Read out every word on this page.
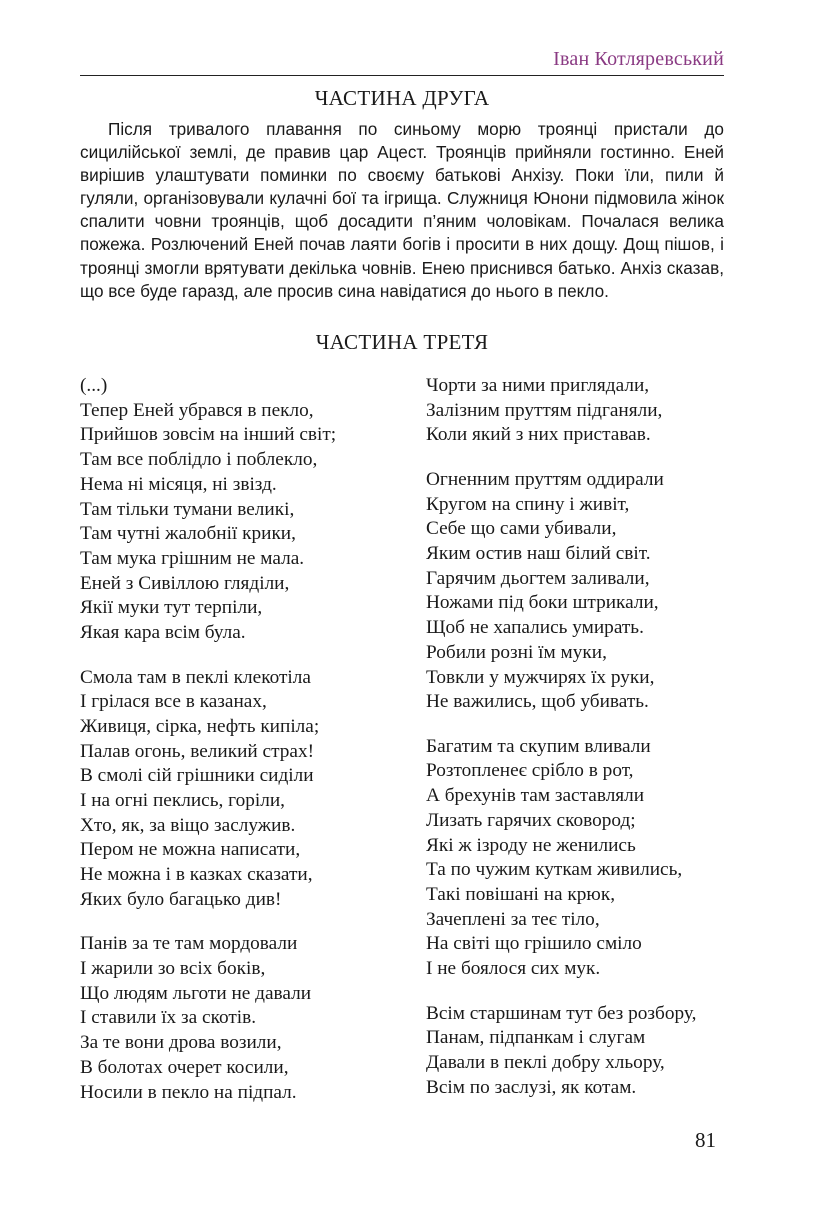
Іван Котляревський
ЧАСТИНА ДРУГА

Після тривалого плавання по синьому морю троянці пристали до сицилійської землі, де правив цар Ацест. Троянців прийняли гостинно. Еней вирішив улаштувати поминки по своєму батькові Анхізу. Поки їли, пили й гуляли, організовували кулачні бої та ігрища. Служниця Юнони підмовила жінок спалити човни троянців, щоб досадити п’яним чоловікам. Почалася велика пожежа. Розлючений Еней почав лаяти богів і просити в них дощу. Дощ пішов, і троянці змогли врятувати декілька човнів. Енею приснився батько. Анхіз сказав, що все буде гаразд, але просив сина навідатися до нього в пекло.

ЧАСТИНА ТРЕТЯ
(...)
Тепер Еней убрався в пекло,
Прийшов зовсім на інший світ;
Там все поблідло і поблекло,
Нема ні місяця, ні звізд.
Там тільки тумани великі,
Там чутні жалобнії крики,
Там мука грішним не мала.
Еней з Сивіллою гляділи,
Якії муки тут терпіли,
Якая кара всім була.
Смола там в пеклі клекотіла
І грілася все в казанах,
Живиця, сірка, нефть кипіла;
Палав огонь, великий страх!
В смолі сій грішники сиділи
І на огні пеклись, горіли,
Хто, як, за віщо заслужив.
Пером не можна написати,
Не можна і в казках сказати,
Яких було багацько див!
Панів за те там мордовали
І жарили зо всіх боків,
Що людям льготи не давали
І ставили їх за скотів.
За те вони дрова возили,
В болотах очерет косили,
Носили в пекло на підпал.
Чорти за ними приглядали,
Залізним пруттям підганяли,
Коли який з них приставав.
Огненним пруттям оддирали
Кругом на спину і живіт,
Себе що сами убивали,
Яким остив наш білий світ.
Гарячим дьогтем заливали,
Ножами під боки штрикали,
Щоб не хапались умирать.
Робили розні їм муки,
Товкли у мужчирях їх руки,
Не важились, щоб убивать.
Багатим та скупим вливали
Розтопленеє срібло в рот,
А брехунів там заставляли
Лизать гарячих сковород;
Які ж ізроду не женились
Та по чужим куткам живились,
Такі повішані на крюк,
Зачеплені за теє тіло,
На світі що грішило сміло
І не боялося сих мук.
Всім старшинам тут без розбору,
Панам, підпанкам і слугам
Давали в пеклі добру хльору,
Всім по заслузі, як котам.
81
